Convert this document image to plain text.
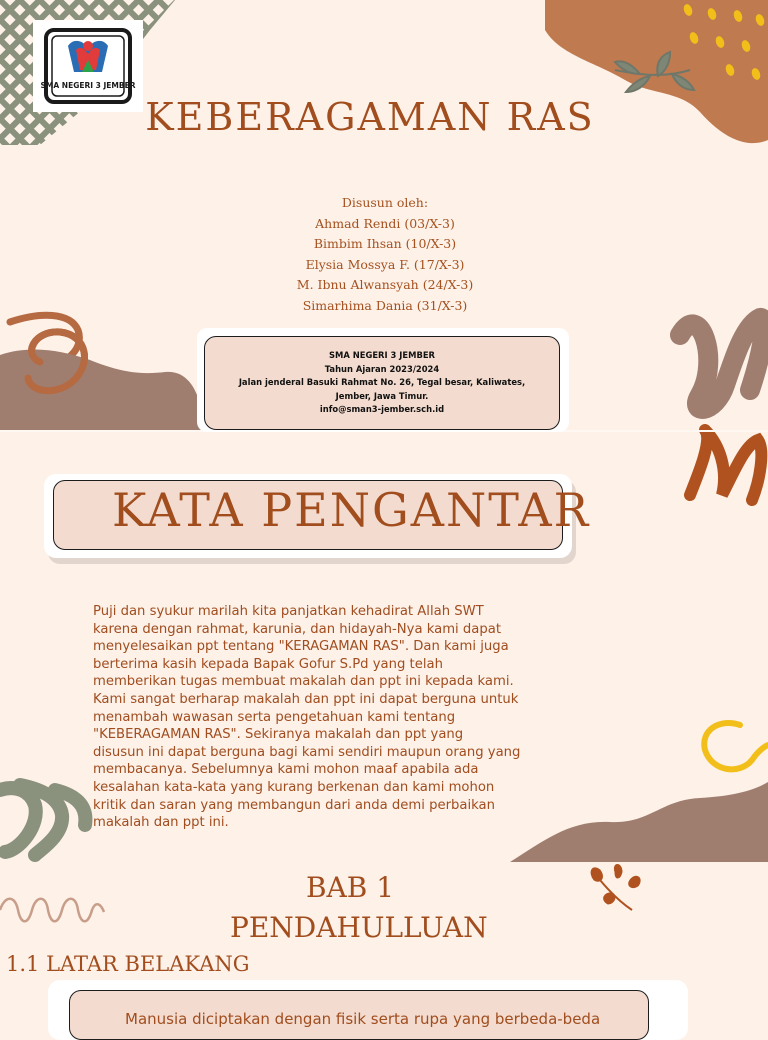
SMA NEGERI 3 JEMBER
KEBERAGAMAN RAS
Disusun oleh:
Ahmad Rendi (03/X-3)
Bimbim Ihsan (10/X-3)
Elysia Mossya F. (17/X-3)
M. Ibnu Alwansyah (24/X-3)
Simarhima Dania (31/X-3)
SMA NEGERI 3 JEMBER
Tahun Ajaran 2023/2024
Jalan jenderal Basuki Rahmat No. 26, Tegal besar, Kaliwates,
Jember, Jawa Timur.
info@sman3-jember.sch.id
KATA PENGANTAR
Puji dan syukur marilah kita panjatkan kehadirat Allah SWT
karena dengan rahmat, karunia, dan hidayah-Nya kami dapat
menyelesaikan ppt tentang "KERAGAMAN RAS". Dan kami juga
berterima kasih kepada Bapak Gofur S.Pd yang telah
memberikan tugas membuat makalah dan ppt ini kepada kami.
Kami sangat berharap makalah dan ppt ini dapat berguna untuk
menambah wawasan serta pengetahuan kami tentang
"KEBERAGAMAN RAS". Sekiranya makalah dan ppt yang
disusun ini dapat berguna bagi kami sendiri maupun orang yang
membacanya. Sebelumnya kami mohon maaf apabila ada
kesalahan kata-kata yang kurang berkenan dan kami mohon
kritik dan saran yang membangun dari anda demi perbaikan
makalah dan ppt ini.
BAB 1
PENDAHULLUAN
1.1 LATAR BELAKANG
Manusia diciptakan dengan fisik serta rupa yang berbeda-beda
